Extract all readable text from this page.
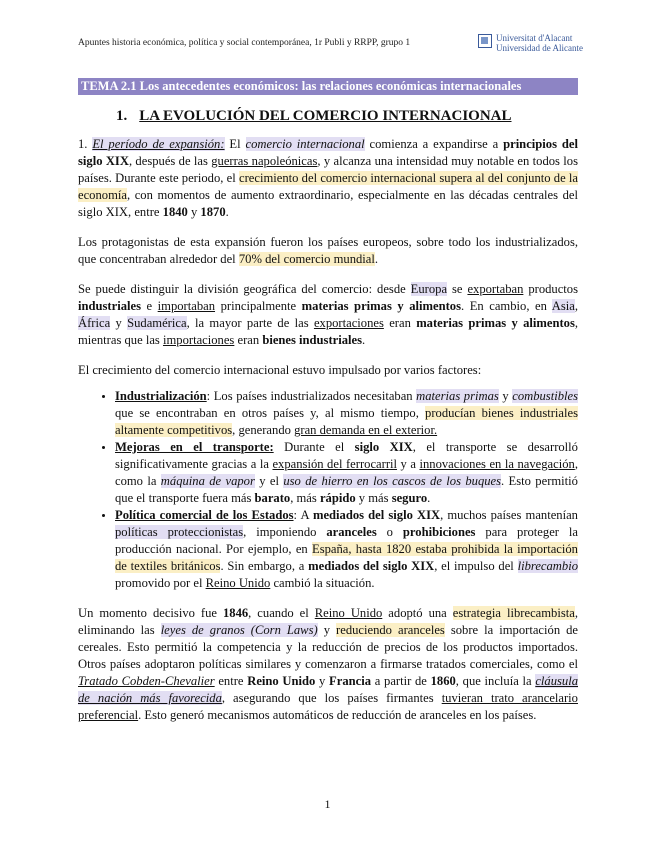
Apuntes historia económica, política y social contemporánea, 1r Publi y RRPP, grupo 1	Universitat d'Alacant
Universidad de Alicante
TEMA 2.1 Los antecedentes económicos: las relaciones económicas internacionales
1. LA EVOLUCIÓN DEL COMERCIO INTERNACIONAL

1. El período de expansión: El comercio internacional comienza a expandirse a principios del siglo XIX, después de las guerras napoleónicas, y alcanza una intensidad muy notable en todos los países. Durante este periodo, el crecimiento del comercio internacional supera al del conjunto de la economía, con momentos de aumento extraordinario, especialmente en las décadas centrales del siglo XIX, entre 1840 y 1870.

Los protagonistas de esta expansión fueron los países europeos, sobre todo los industrializados, que concentraban alrededor del 70% del comercio mundial.

Se puede distinguir la división geográfica del comercio: desde Europa se exportaban productos industriales e importaban principalmente materias primas y alimentos. En cambio, en Asia, África y Sudamérica, la mayor parte de las exportaciones eran materias primas y alimentos, mientras que las importaciones eran bienes industriales.

El crecimiento del comercio internacional estuvo impulsado por varios factores:

• Industrialización: Los países industrializados necesitaban materias primas y combustibles que se encontraban en otros países y, al mismo tiempo, producían bienes industriales altamente competitivos, generando gran demanda en el exterior.
• Mejoras en el transporte: Durante el siglo XIX, el transporte se desarrolló significativamente gracias a la expansión del ferrocarril y a innovaciones en la navegación, como la máquina de vapor y el uso de hierro en los cascos de los buques. Esto permitió que el transporte fuera más barato, más rápido y más seguro.
• Política comercial de los Estados: A mediados del siglo XIX, muchos países mantenían políticas proteccionistas, imponiendo aranceles o prohibiciones para proteger la producción nacional. Por ejemplo, en España, hasta 1820 estaba prohibida la importación de textiles británicos. Sin embargo, a mediados del siglo XIX, el impulso del librecambio promovido por el Reino Unido cambió la situación.

Un momento decisivo fue 1846, cuando el Reino Unido adoptó una estrategia librecambista, eliminando las leyes de granos (Corn Laws) y reduciendo aranceles sobre la importación de cereales. Esto permitió la competencia y la reducción de precios de los productos importados. Otros países adoptaron políticas similares y comenzaron a firmarse tratados comerciales, como el Tratado Cobden-Chevalier entre Reino Unido y Francia a partir de 1860, que incluía la cláusula de nación más favorecida, asegurando que los países firmantes tuvieran trato arancelario preferencial. Esto generó mecanismos automáticos de reducción de aranceles en los países.

1
